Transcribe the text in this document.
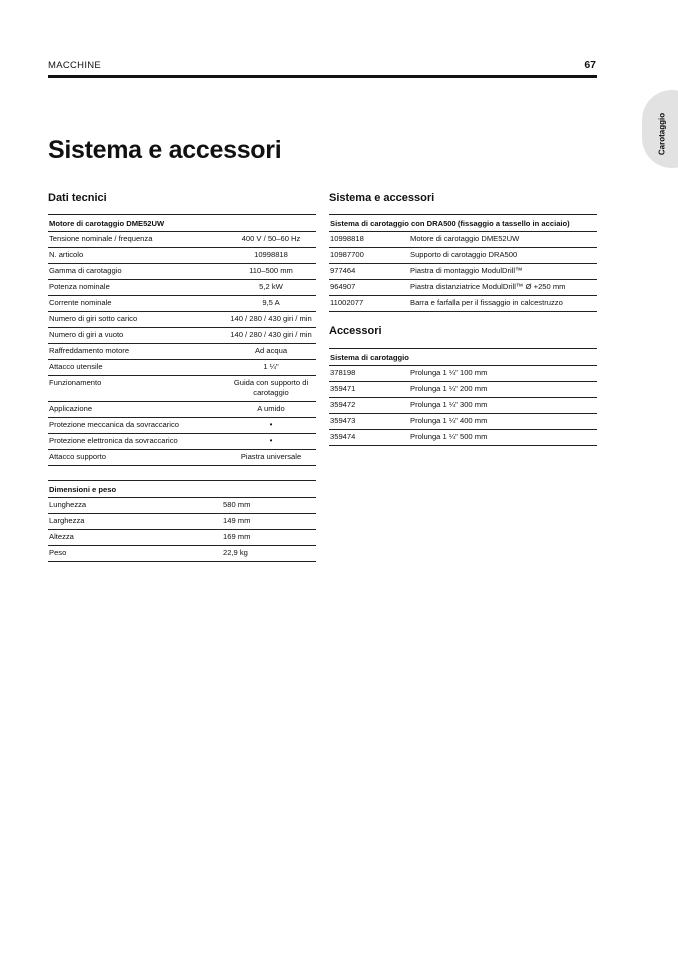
MACCHINE	67
Carotaggio
Sistema e accessori
Dati tecnici
Motore di carotaggio DME52UW	
Tensione nominale / frequenza	400 V / 50–60 Hz
N. articolo	10998818
Gamma di carotaggio	110–500 mm
Potenza nominale	5,2 kW
Corrente nominale	9,5 A
Numero di giri sotto carico	140 / 280 / 430 giri / min
Numero di giri a vuoto	140 / 280 / 430 giri / min
Raffreddamento motore	Ad acqua
Attacco utensile	1 ¼"
Funzionamento	Guida con supporto di carotaggio
Applicazione	A umido
Protezione meccanica da sovraccarico	•
Protezione elettronica da sovraccarico	•
Attacco supporto	Piastra universale
Dimensioni e peso	
Lunghezza	580 mm
Larghezza	149 mm
Altezza	169 mm
Peso	22,9 kg
Sistema e accessori
Sistema di carotaggio con DRA500 (fissaggio a tassello in acciaio)	
10998818	Motore di carotaggio DME52UW
10987700	Supporto di carotaggio DRA500
977464	Piastra di montaggio ModulDrill™
964907	Piastra distanziatrice ModulDrill™ Ø +250 mm
11002077	Barra e farfalla per il fissaggio in calcestruzzo
Accessori
Sistema di carotaggio	
378198	Prolunga 1 ¼" 100 mm
359471	Prolunga 1 ¼" 200 mm
359472	Prolunga 1 ¼" 300 mm
359473	Prolunga 1 ¼" 400 mm
359474	Prolunga 1 ¼" 500 mm
